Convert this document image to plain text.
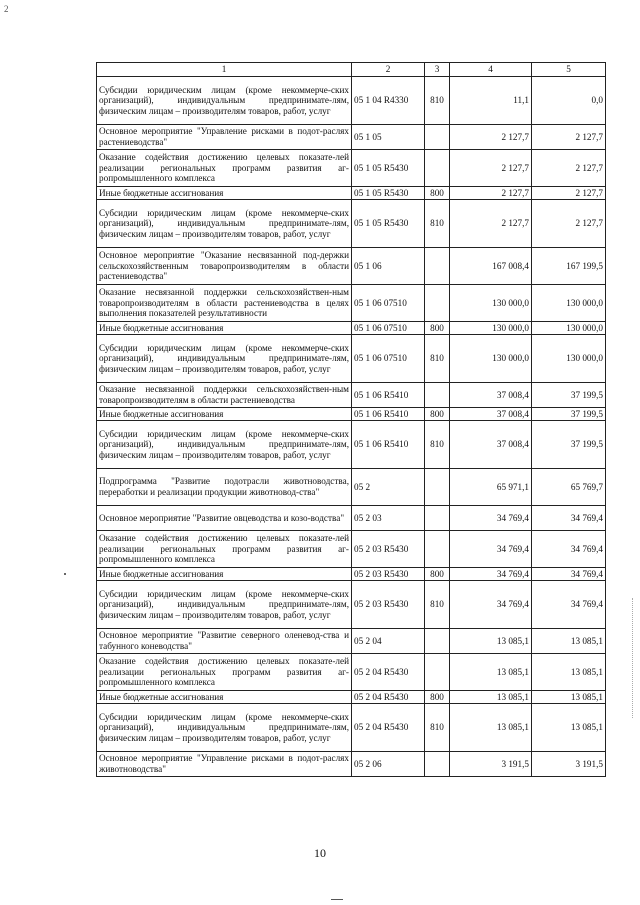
2
1	2	3	4	5
Субсидии юридическим лицам (кроме некоммерче-ских организаций), индивидуальным предпринимате-лям, физическим лицам – производителям товаров, работ, услуг	05 1 04 R4330	810	11,1	0,0
Основное мероприятие "Управление рисками в подот-раслях растениеводства"	05 1 05		2 127,7	2 127,7
Оказание содействия достижению целевых показате-лей реализации региональных программ развития аг-ропромышленного комплекса	05 1 05 R5430		2 127,7	2 127,7
Иные бюджетные ассигнования	05 1 05 R5430	800	2 127,7	2 127,7
Субсидии юридическим лицам (кроме некоммерче-ских организаций), индивидуальным предпринимате-лям, физическим лицам – производителям товаров, работ, услуг	05 1 05 R5430	810	2 127,7	2 127,7
Основное мероприятие "Оказание несвязанной под-держки сельскохозяйственным товаропроизводителям в области растениеводства"	05 1 06		167 008,4	167 199,5
Оказание несвязанной поддержки сельскохозяйствен-ным товаропроизводителям в области растениеводства в целях выполнения показателей результативности	05 1 06 07510		130 000,0	130 000,0
Иные бюджетные ассигнования	05 1 06 07510	800	130 000,0	130 000,0
Субсидии юридическим лицам (кроме некоммерче-ских организаций), индивидуальным предпринимате-лям, физическим лицам – производителям товаров, работ, услуг	05 1 06 07510	810	130 000,0	130 000,0
Оказание несвязанной поддержки сельскохозяйствен-ным товаропроизводителям в области растениеводства	05 1 06 R5410		37 008,4	37 199,5
Иные бюджетные ассигнования	05 1 06 R5410	800	37 008,4	37 199,5
Субсидии юридическим лицам (кроме некоммерче-ских организаций), индивидуальным предпринимате-лям, физическим лицам – производителям товаров, работ, услуг	05 1 06 R5410	810	37 008,4	37 199,5
Подпрограмма "Развитие подотрасли животноводства, переработки и реализации продукции животновод-ства"	05 2		65 971,1	65 769,7
Основное мероприятие "Развитие овцеводства и козо-водства"	05 2 03		34 769,4	34 769,4
Оказание содействия достижению целевых показате-лей реализации региональных программ развития аг-ропромышленного комплекса	05 2 03 R5430		34 769,4	34 769,4
Иные бюджетные ассигнования	05 2 03 R5430	800	34 769,4	34 769,4
Субсидии юридическим лицам (кроме некоммерче-ских организаций), индивидуальным предпринимате-лям, физическим лицам – производителям товаров, работ, услуг	05 2 03 R5430	810	34 769,4	34 769,4
Основное мероприятие "Развитие северного оленевод-ства и табунного коневодства"	05 2 04		13 085,1	13 085,1
Оказание содействия достижению целевых показате-лей реализации региональных программ развития аг-ропромышленного комплекса	05 2 04 R5430		13 085,1	13 085,1
Иные бюджетные ассигнования	05 2 04 R5430	800	13 085,1	13 085,1
Субсидии юридическим лицам (кроме некоммерче-ских организаций), индивидуальным предпринимате-лям, физическим лицам – производителям товаров, работ, услуг	05 2 04 R5430	810	13 085,1	13 085,1
Основное мероприятие "Управление рисками в подот-раслях животноводства"	05 2 06		3 191,5	3 191,5
10
